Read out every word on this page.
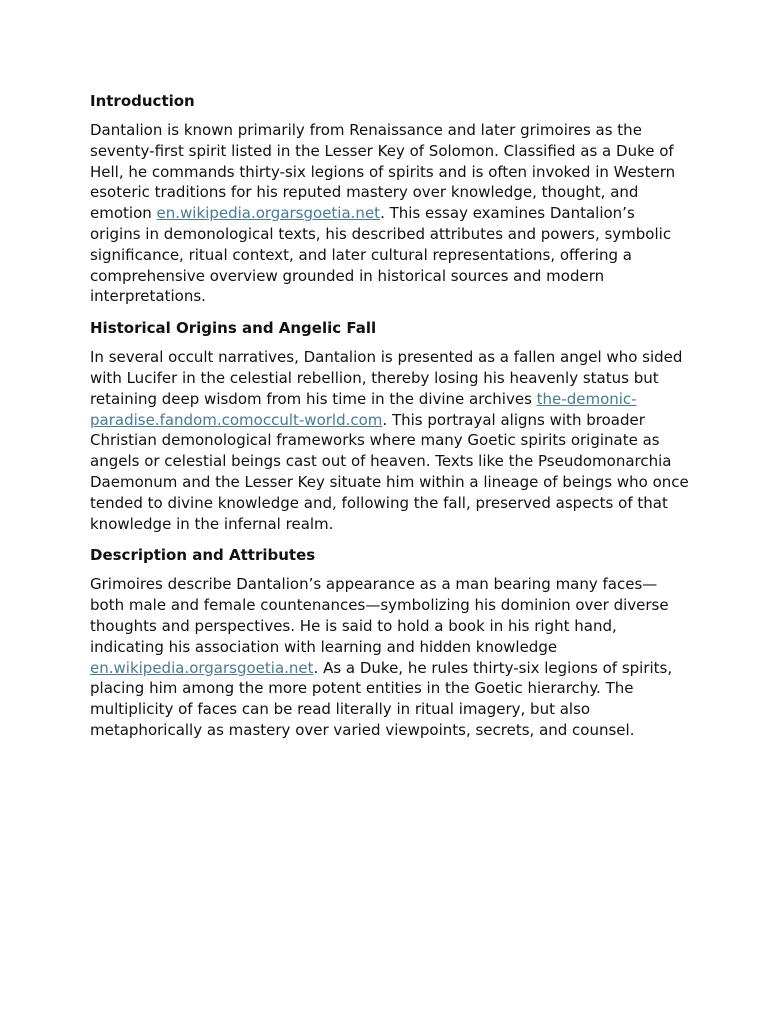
Introduction

Dantalion is known primarily from Renaissance and later grimoires as the seventy-first spirit listed in the Lesser Key of Solomon. Classified as a Duke of Hell, he commands thirty-six legions of spirits and is often invoked in Western esoteric traditions for his reputed mastery over knowledge, thought, and emotion en.wikipedia.orgarsgoetia.net. This essay examines Dantalion’s origins in demonological texts, his described attributes and powers, symbolic significance, ritual context, and later cultural representations, offering a comprehensive overview grounded in historical sources and modern interpretations.

Historical Origins and Angelic Fall

In several occult narratives, Dantalion is presented as a fallen angel who sided with Lucifer in the celestial rebellion, thereby losing his heavenly status but retaining deep wisdom from his time in the divine archives the-demonic-paradise.fandom.comoccult-world.com. This portrayal aligns with broader Christian demonological frameworks where many Goetic spirits originate as angels or celestial beings cast out of heaven. Texts like the Pseudomonarchia Daemonum and the Lesser Key situate him within a lineage of beings who once tended to divine knowledge and, following the fall, preserved aspects of that knowledge in the infernal realm.

Description and Attributes

Grimoires describe Dantalion’s appearance as a man bearing many faces—both male and female countenances—symbolizing his dominion over diverse thoughts and perspectives. He is said to hold a book in his right hand, indicating his association with learning and hidden knowledge en.wikipedia.orgarsgoetia.net. As a Duke, he rules thirty-six legions of spirits, placing him among the more potent entities in the Goetic hierarchy. The multiplicity of faces can be read literally in ritual imagery, but also metaphorically as mastery over varied viewpoints, secrets, and counsel.
